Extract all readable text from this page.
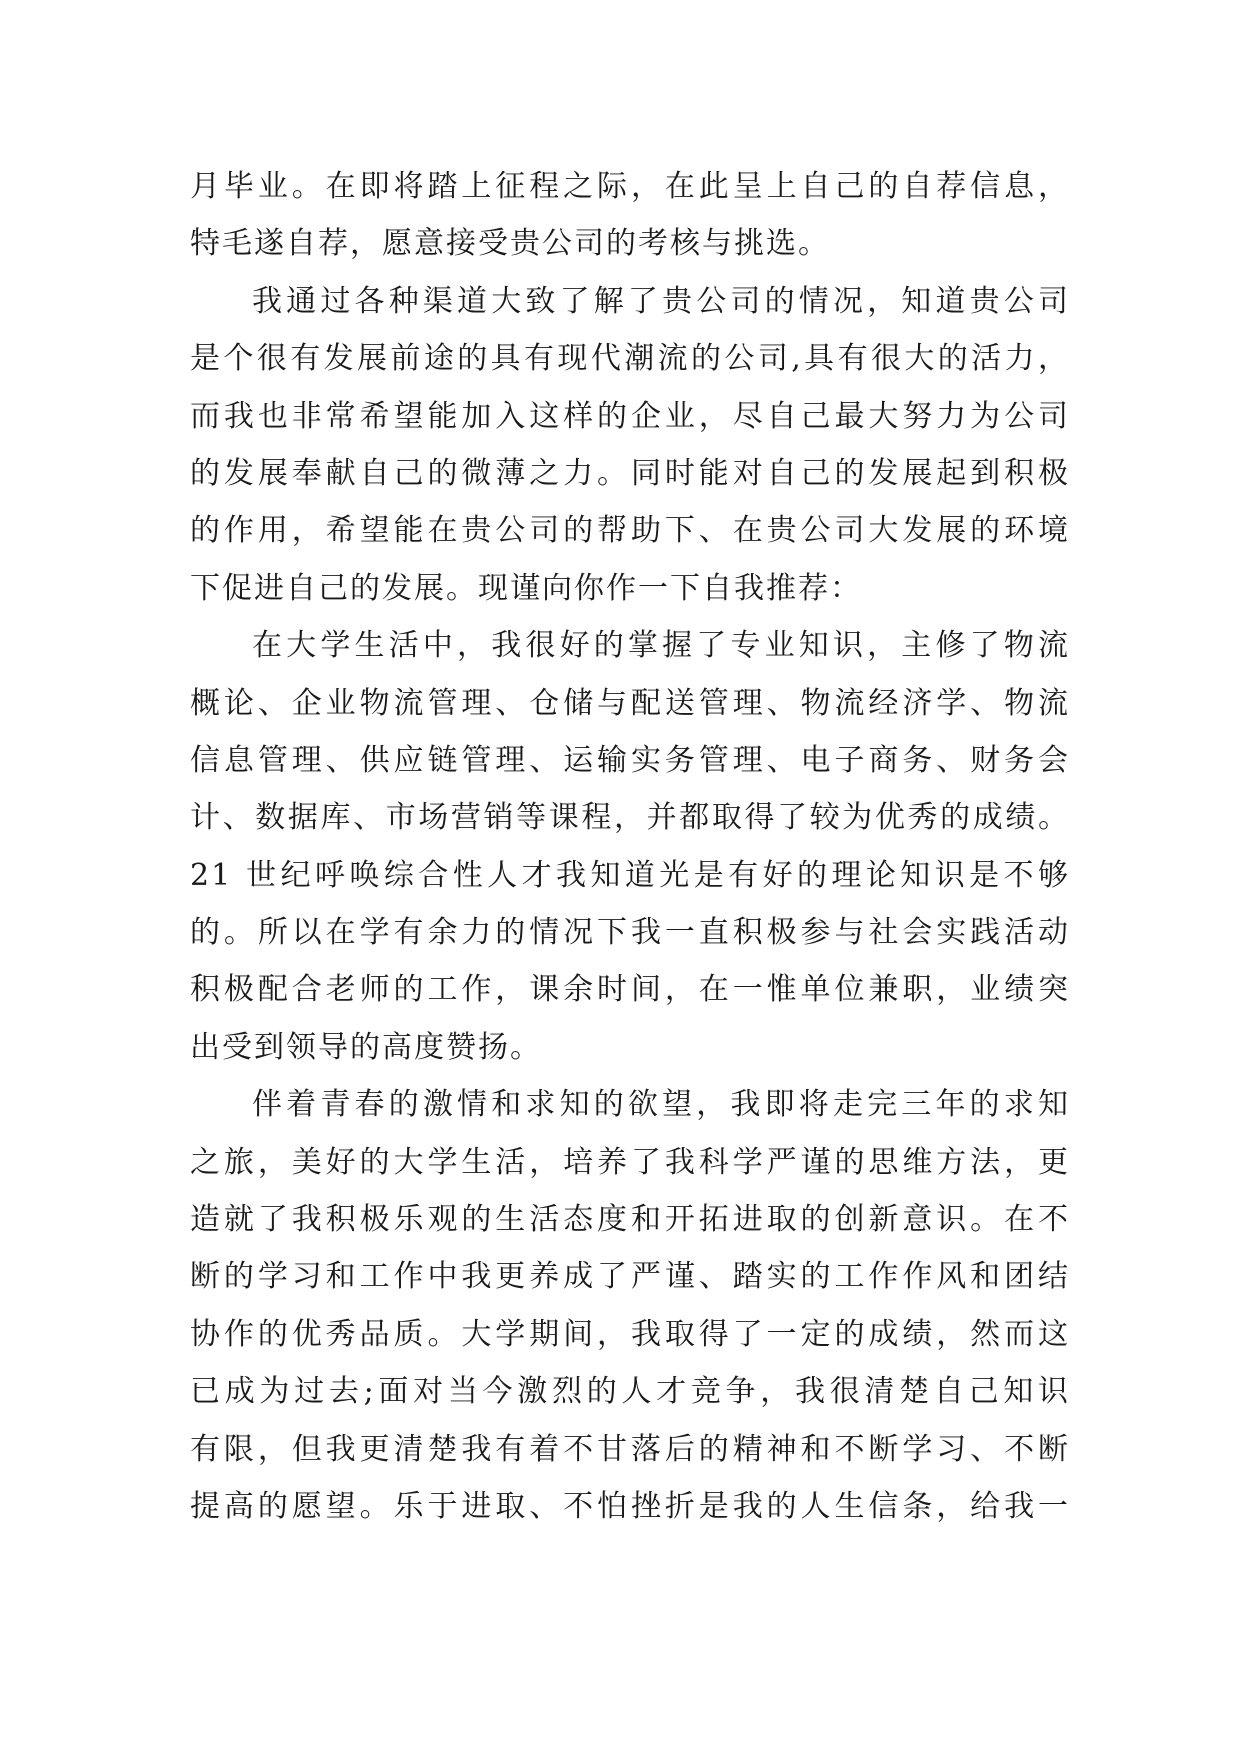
月毕业。在即将踏上征程之际，在此呈上自己的自荐信息，
特毛遂自荐，愿意接受贵公司的考核与挑选。
我通过各种渠道大致了解了贵公司的情况，知道贵公司
是个很有发展前途的具有现代潮流的公司,具有很大的活力，
而我也非常希望能加入这样的企业，尽自己最大努力为公司
的发展奉献自己的微薄之力。同时能对自己的发展起到积极
的作用，希望能在贵公司的帮助下、在贵公司大发展的环境
下促进自己的发展。现谨向你作一下自我推荐：
在大学生活中，我很好的掌握了专业知识，主修了物流
概论、企业物流管理、仓储与配送管理、物流经济学、物流
信息管理、供应链管理、运输实务管理、电子商务、财务会
计、数据库、市场营销等课程，并都取得了较为优秀的成绩。
21 世纪呼唤综合性人才我知道光是有好的理论知识是不够
的。所以在学有余力的情况下我一直积极参与社会实践活动
积极配合老师的工作，课余时间，在一惟单位兼职，业绩突
出受到领导的高度赞扬。
伴着青春的激情和求知的欲望，我即将走完三年的求知
之旅，美好的大学生活，培养了我科学严谨的思维方法，更
造就了我积极乐观的生活态度和开拓进取的创新意识。在不
断的学习和工作中我更养成了严谨、踏实的工作作风和团结
协作的优秀品质。大学期间，我取得了一定的成绩，然而这
已成为过去;面对当今激烈的人才竞争，我很清楚自己知识
有限，但我更清楚我有着不甘落后的精神和不断学习、不断
提高的愿望。乐于进取、不怕挫折是我的人生信条，给我一
